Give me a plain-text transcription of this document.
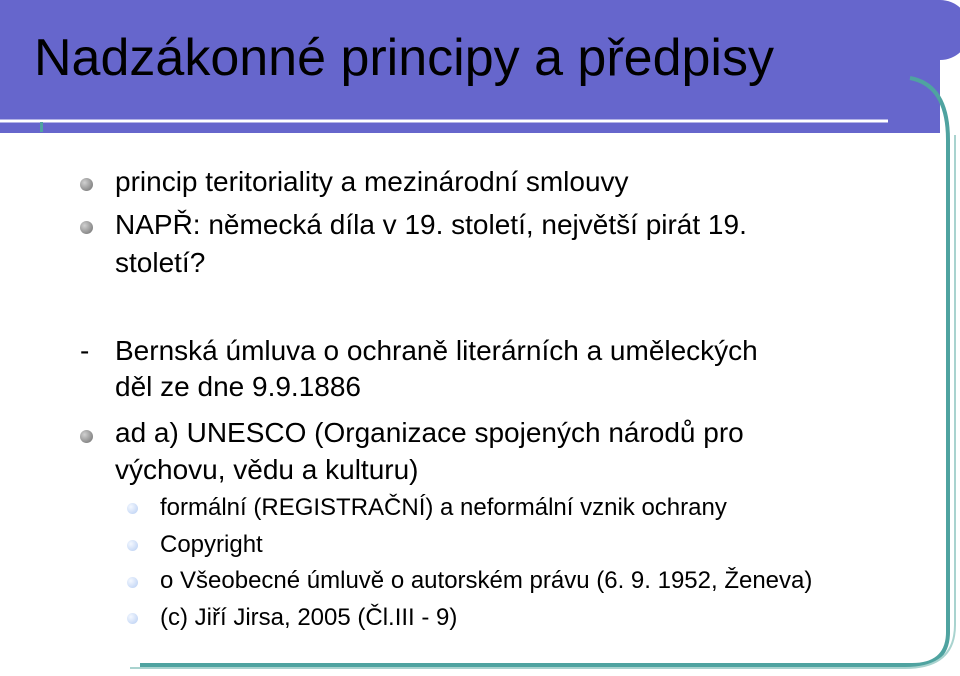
Nadzákonné principy a předpisy
princip teritoriality a mezinárodní smlouvy
NAPŘ: německá díla v 19. století, největší pirát 19.
století?
- Bernská úmluva o ochraně literárních a uměleckých
děl ze dne 9.9.1886
ad a) UNESCO (Organizace spojených národů pro
výchovu, vědu a kulturu)
formální (REGISTRAČNÍ) a neformální vznik ochrany
Copyright
o Všeobecné úmluvě o autorském právu (6. 9. 1952, Ženeva)
(c) Jiří Jirsa, 2005 (Čl.III - 9)
